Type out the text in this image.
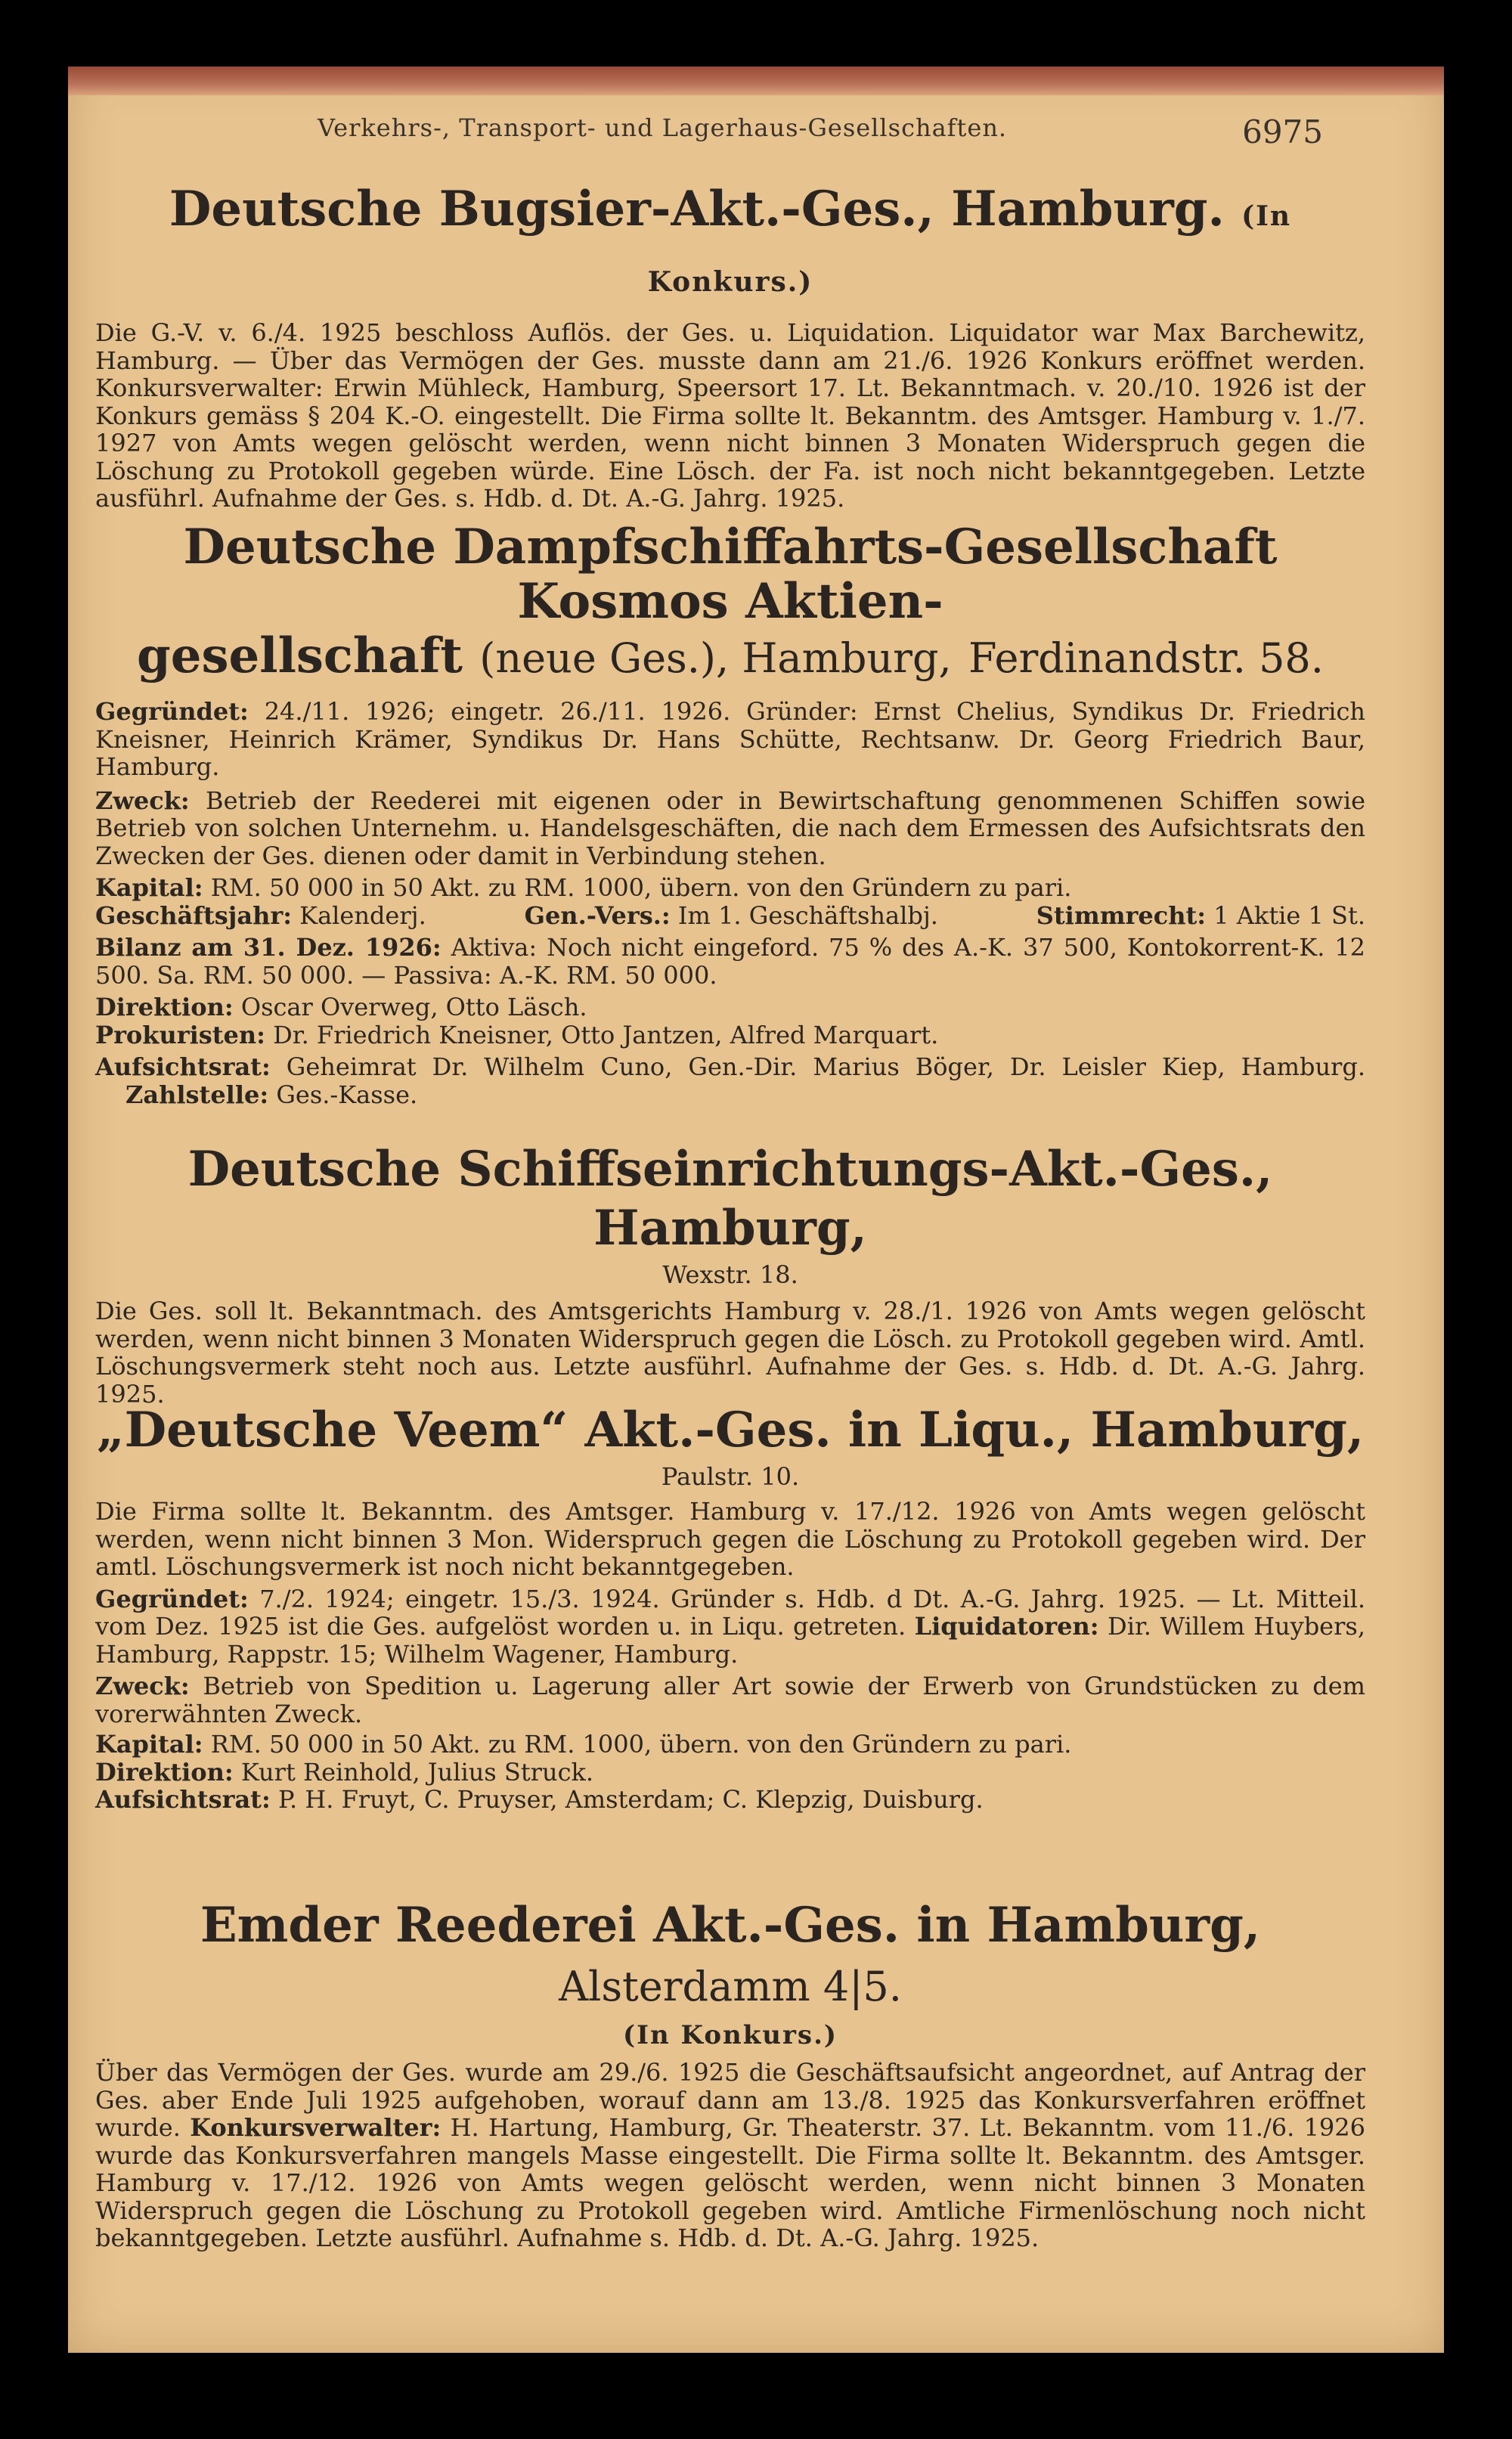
Verkehrs-, Transport- und Lagerhaus-Gesellschaften.	6975

Deutsche Bugsier-Akt.-Ges., Hamburg. (In Konkurs.)

Die G.-V. v. 6./4. 1925 beschloss Auflös. der Ges. u. Liquidation. Liquidator war Max Barchewitz, Hamburg. — Über das Vermögen der Ges. musste dann am 21./6. 1926 Konkurs eröffnet werden. Konkursverwalter: Erwin Mühleck, Hamburg, Speersort 17. Lt. Bekanntmach. v. 20./10. 1926 ist der Konkurs gemäss § 204 K.-O. eingestellt. Die Firma sollte lt. Bekanntm. des Amtsger. Hamburg v. 1./7. 1927 von Amts wegen gelöscht werden, wenn nicht binnen 3 Monaten Widerspruch gegen die Löschung zu Protokoll gegeben würde. Eine Lösch. der Fa. ist noch nicht bekanntgegeben. Letzte ausführl. Aufnahme der Ges. s. Hdb. d. Dt. A.-G. Jahrg. 1925.

Deutsche Dampfschiffahrts-Gesellschaft Kosmos Aktien-
gesellschaft (neue Ges.), Hamburg, Ferdinandstr. 58.

Gegründet: 24./11. 1926; eingetr. 26./11. 1926. Gründer: Ernst Chelius, Syndikus Dr. Friedrich Kneisner, Heinrich Krämer, Syndikus Dr. Hans Schütte, Rechtsanw. Dr. Georg Friedrich Baur, Hamburg.

Zweck: Betrieb der Reederei mit eigenen oder in Bewirtschaftung genommenen Schiffen sowie Betrieb von solchen Unternehm. u. Handelsgeschäften, die nach dem Ermessen des Aufsichtsrats den Zwecken der Ges. dienen oder damit in Verbindung stehen.

Kapital: RM. 50 000 in 50 Akt. zu RM. 1000, übern. von den Gründern zu pari.

Geschäftsjahr: Kalenderj.	Gen.-Vers.: Im 1. Geschäftshalbj.	Stimmrecht: 1 Aktie 1 St.

Bilanz am 31. Dez. 1926: Aktiva: Noch nicht eingeford. 75 % des A.-K. 37 500, Kontokorrent-K. 12 500. Sa. RM. 50 000. — Passiva: A.-K. RM. 50 000.

Direktion: Oscar Overweg, Otto Läsch.

Prokuristen: Dr. Friedrich Kneisner, Otto Jantzen, Alfred Marquart.

Aufsichtsrat: Geheimrat Dr. Wilhelm Cuno, Gen.-Dir. Marius Böger, Dr. Leisler Kiep, Hamburg. Zahlstelle: Ges.-Kasse.

Deutsche Schiffseinrichtungs-Akt.-Ges., Hamburg,

Wexstr. 18.

Die Ges. soll lt. Bekanntmach. des Amtsgerichts Hamburg v. 28./1. 1926 von Amts wegen gelöscht werden, wenn nicht binnen 3 Monaten Widerspruch gegen die Lösch. zu Protokoll gegeben wird. Amtl. Löschungsvermerk steht noch aus. Letzte ausführl. Aufnahme der Ges. s. Hdb. d. Dt. A.-G. Jahrg. 1925.

„Deutsche Veem“ Akt.-Ges. in Liqu., Hamburg,

Paulstr. 10.

Die Firma sollte lt. Bekanntm. des Amtsger. Hamburg v. 17./12. 1926 von Amts wegen gelöscht werden, wenn nicht binnen 3 Mon. Widerspruch gegen die Löschung zu Protokoll gegeben wird. Der amtl. Löschungsvermerk ist noch nicht bekanntgegeben.

Gegründet: 7./2. 1924; eingetr. 15./3. 1924. Gründer s. Hdb. d Dt. A.-G. Jahrg. 1925. — Lt. Mitteil. vom Dez. 1925 ist die Ges. aufgelöst worden u. in Liqu. getreten. Liquidatoren: Dir. Willem Huybers, Hamburg, Rappstr. 15; Wilhelm Wagener, Hamburg.

Zweck: Betrieb von Spedition u. Lagerung aller Art sowie der Erwerb von Grundstücken zu dem vorerwähnten Zweck.

Kapital: RM. 50 000 in 50 Akt. zu RM. 1000, übern. von den Gründern zu pari.

Direktion: Kurt Reinhold, Julius Struck.

Aufsichtsrat: P. H. Fruyt, C. Pruyser, Amsterdam; C. Klepzig, Duisburg.

Emder Reederei Akt.-Ges. in Hamburg, Alsterdamm 4|5.

(In Konkurs.)

Über das Vermögen der Ges. wurde am 29./6. 1925 die Geschäftsaufsicht angeordnet, auf Antrag der Ges. aber Ende Juli 1925 aufgehoben, worauf dann am 13./8. 1925 das Konkursverfahren eröffnet wurde. Konkursverwalter: H. Hartung, Hamburg, Gr. Theaterstr. 37. Lt. Bekanntm. vom 11./6. 1926 wurde das Konkursverfahren mangels Masse eingestellt. Die Firma sollte lt. Bekanntm. des Amtsger. Hamburg v. 17./12. 1926 von Amts wegen gelöscht werden, wenn nicht binnen 3 Monaten Widerspruch gegen die Löschung zu Protokoll gegeben wird. Amtliche Firmenlöschung noch nicht bekanntgegeben. Letzte ausführl. Aufnahme s. Hdb. d. Dt. A.-G. Jahrg. 1925.
